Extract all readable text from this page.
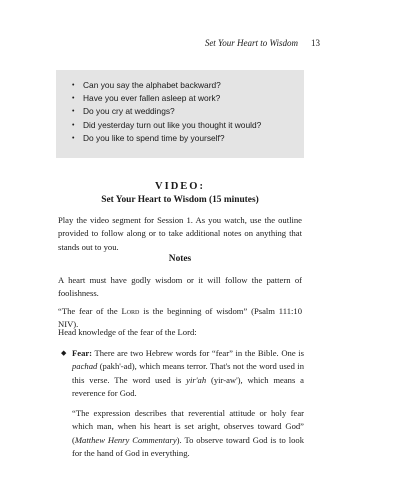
Set Your Heart to Wisdom 13
• Can you say the alphabet backward?
• Have you ever fallen asleep at work?
• Do you cry at weddings?
• Did yesterday turn out like you thought it would?
• Do you like to spend time by yourself?
VIDEO:
Set Your Heart to Wisdom (15 minutes)

Play the video segment for Session 1. As you watch, use the outline provided to follow along or to take additional notes on anything that stands out to you.

Notes

A heart must have godly wisdom or it will follow the pattern of foolishness.

“The fear of the Lord is the beginning of wisdom” (Psalm 111:10 NIV).

Head knowledge of the fear of the Lord:

◆ Fear: There are two Hebrew words for “fear” in the Bible. One is pachad (pakh'-ad), which means terror. That's not the word used in this verse. The word used is yir'ah (yir-aw'), which means a reverence for God.

“The expression describes that reverential attitude or holy fear which man, when his heart is set aright, observes toward God” (Matthew Henry Commentary). To observe toward God is to look for the hand of God in everything.
